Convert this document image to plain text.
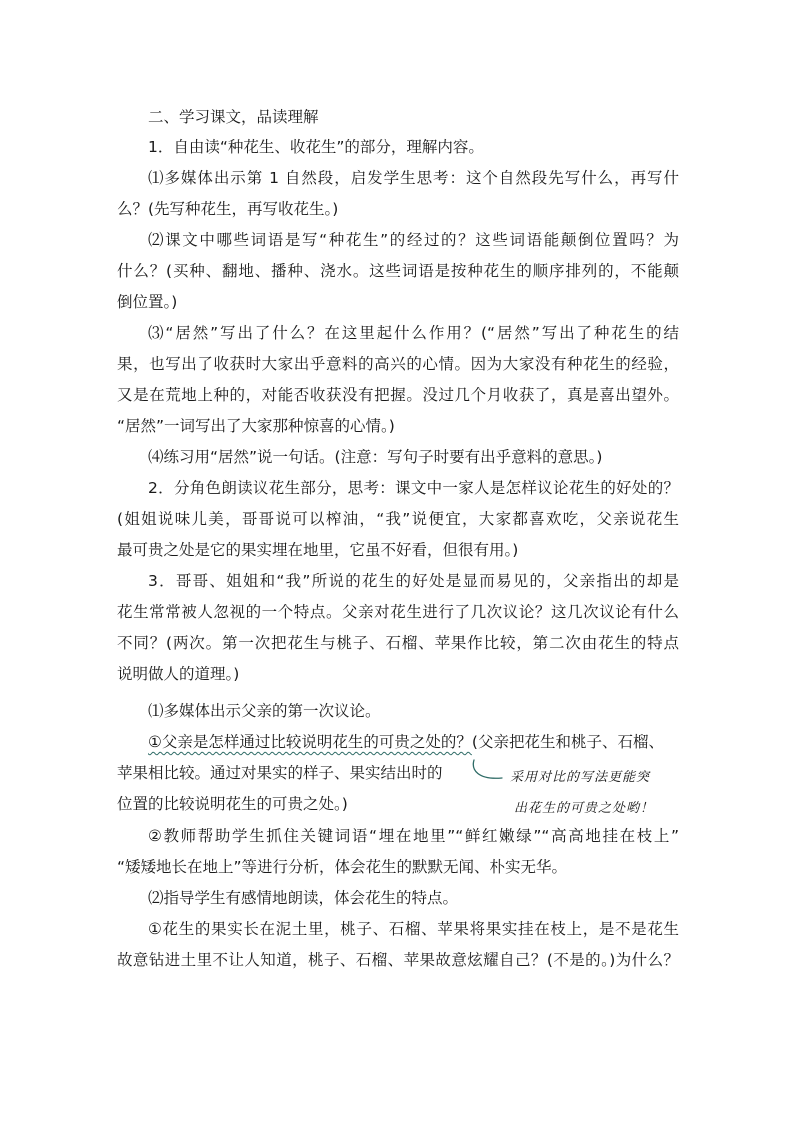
二、学习课文，品读理解
1．自由读“种花生、收花生”的部分，理解内容。
⑴多媒体出示第 1 自然段，启发学生思考：这个自然段先写什么，再写什
么？(先写种花生，再写收花生。)
⑵课文中哪些词语是写“种花生”的经过的？这些词语能颠倒位置吗？为
什么？(买种、翻地、播种、浇水。这些词语是按种花生的顺序排列的，不能颠
倒位置。)
⑶“居然”写出了什么？在这里起什么作用？(“居然”写出了种花生的结
果，也写出了收获时大家出乎意料的高兴的心情。因为大家没有种花生的经验，
又是在荒地上种的，对能否收获没有把握。没过几个月收获了，真是喜出望外。
“居然”一词写出了大家那种惊喜的心情。)
⑷练习用“居然”说一句话。(注意：写句子时要有出乎意料的意思。)
2．分角色朗读议花生部分，思考：课文中一家人是怎样议论花生的好处的？
(姐姐说味儿美，哥哥说可以榨油，“我”说便宜，大家都喜欢吃，父亲说花生
最可贵之处是它的果实埋在地里，它虽不好看，但很有用。)
3．哥哥、姐姐和“我”所说的花生的好处是显而易见的，父亲指出的却是
花生常常被人忽视的一个特点。父亲对花生进行了几次议论？这几次议论有什么
不同？(两次。第一次把花生与桃子、石榴、苹果作比较，第二次由花生的特点
说明做人的道理。)
⑴多媒体出示父亲的第一次议论。
①父亲是怎样通过比较说明花生的可贵之处的？(父亲把花生和桃子、石榴、
苹果相比较。通过对果实的样子、果实结出时的
位置的比较说明花生的可贵之处。)
②教师帮助学生抓住关键词语“埋在地里”“鲜红嫩绿”“高高地挂在枝上”
“矮矮地长在地上”等进行分析，体会花生的默默无闻、朴实无华。
⑵指导学生有感情地朗读，体会花生的特点。
①花生的果实长在泥土里，桃子、石榴、苹果将果实挂在枝上，是不是花生
故意钻进土里不让人知道，桃子、石榴、苹果故意炫耀自己？(不是的。)为什么？
采用对比的写法更能突
出花生的可贵之处哟！
